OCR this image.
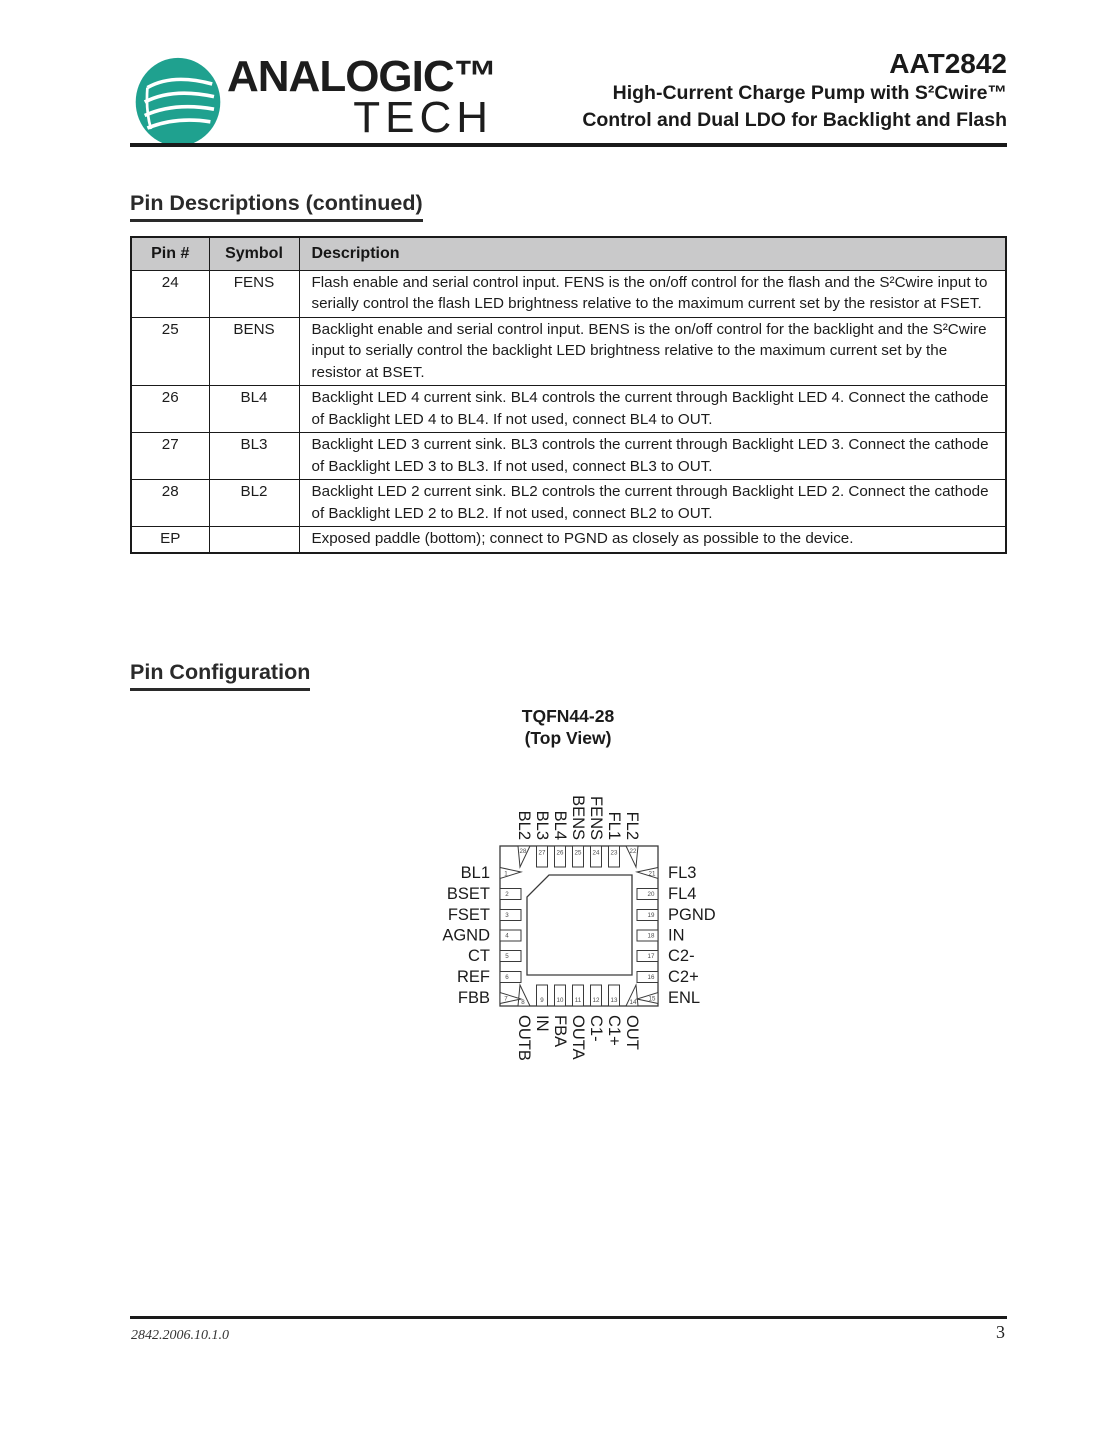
ANALOGIC™
TECH
AAT2842
High-Current Charge Pump with S²Cwire™
Control and Dual LDO for Backlight and Flash
Pin Descriptions (continued)
Pin #	Symbol	Description
24	FENS	Flash enable and serial control input. FENS is the on/off control for the flash and the S²Cwire input to serially control the flash LED brightness relative to the maximum current set by the resistor at FSET.
25	BENS	Backlight enable and serial control input. BENS is the on/off control for the backlight and the S²Cwire input to serially control the backlight LED brightness relative to the maximum current set by the resistor at BSET.
26	BL4	Backlight LED 4 current sink. BL4 controls the current through Backlight LED 4. Connect the cathode of Backlight LED 4 to BL4. If not used, connect BL4 to OUT.
27	BL3	Backlight LED 3 current sink. BL3 controls the current through Backlight LED 3. Connect the cathode of Backlight LED 3 to BL3. If not used, connect BL3 to OUT.
28	BL2	Backlight LED 2 current sink. BL2 controls the current through Backlight LED 2. Connect the cathode of Backlight LED 2 to BL2. If not used, connect BL2 to OUT.
EP		Exposed paddle (bottom); connect to PGND as closely as possible to the device.
Pin Configuration
TQFN44-28
(Top View)
28 27 26 25 24 23 22
8	9 10 11 12 13 14
1
2
3
4
5
6
7
21
20
19
18
17
16
15
BL1
BSET
FSET
AGND
CT
REF
FBB
FL3
FL4
PGND
IN
C2-
C2+
ENL
BL2 BL3 BL4 BENS FENS FL1 FL2
OUTB IN FBA OUTA C1- C1+ OUT
2842.2006.10.1.0	3
